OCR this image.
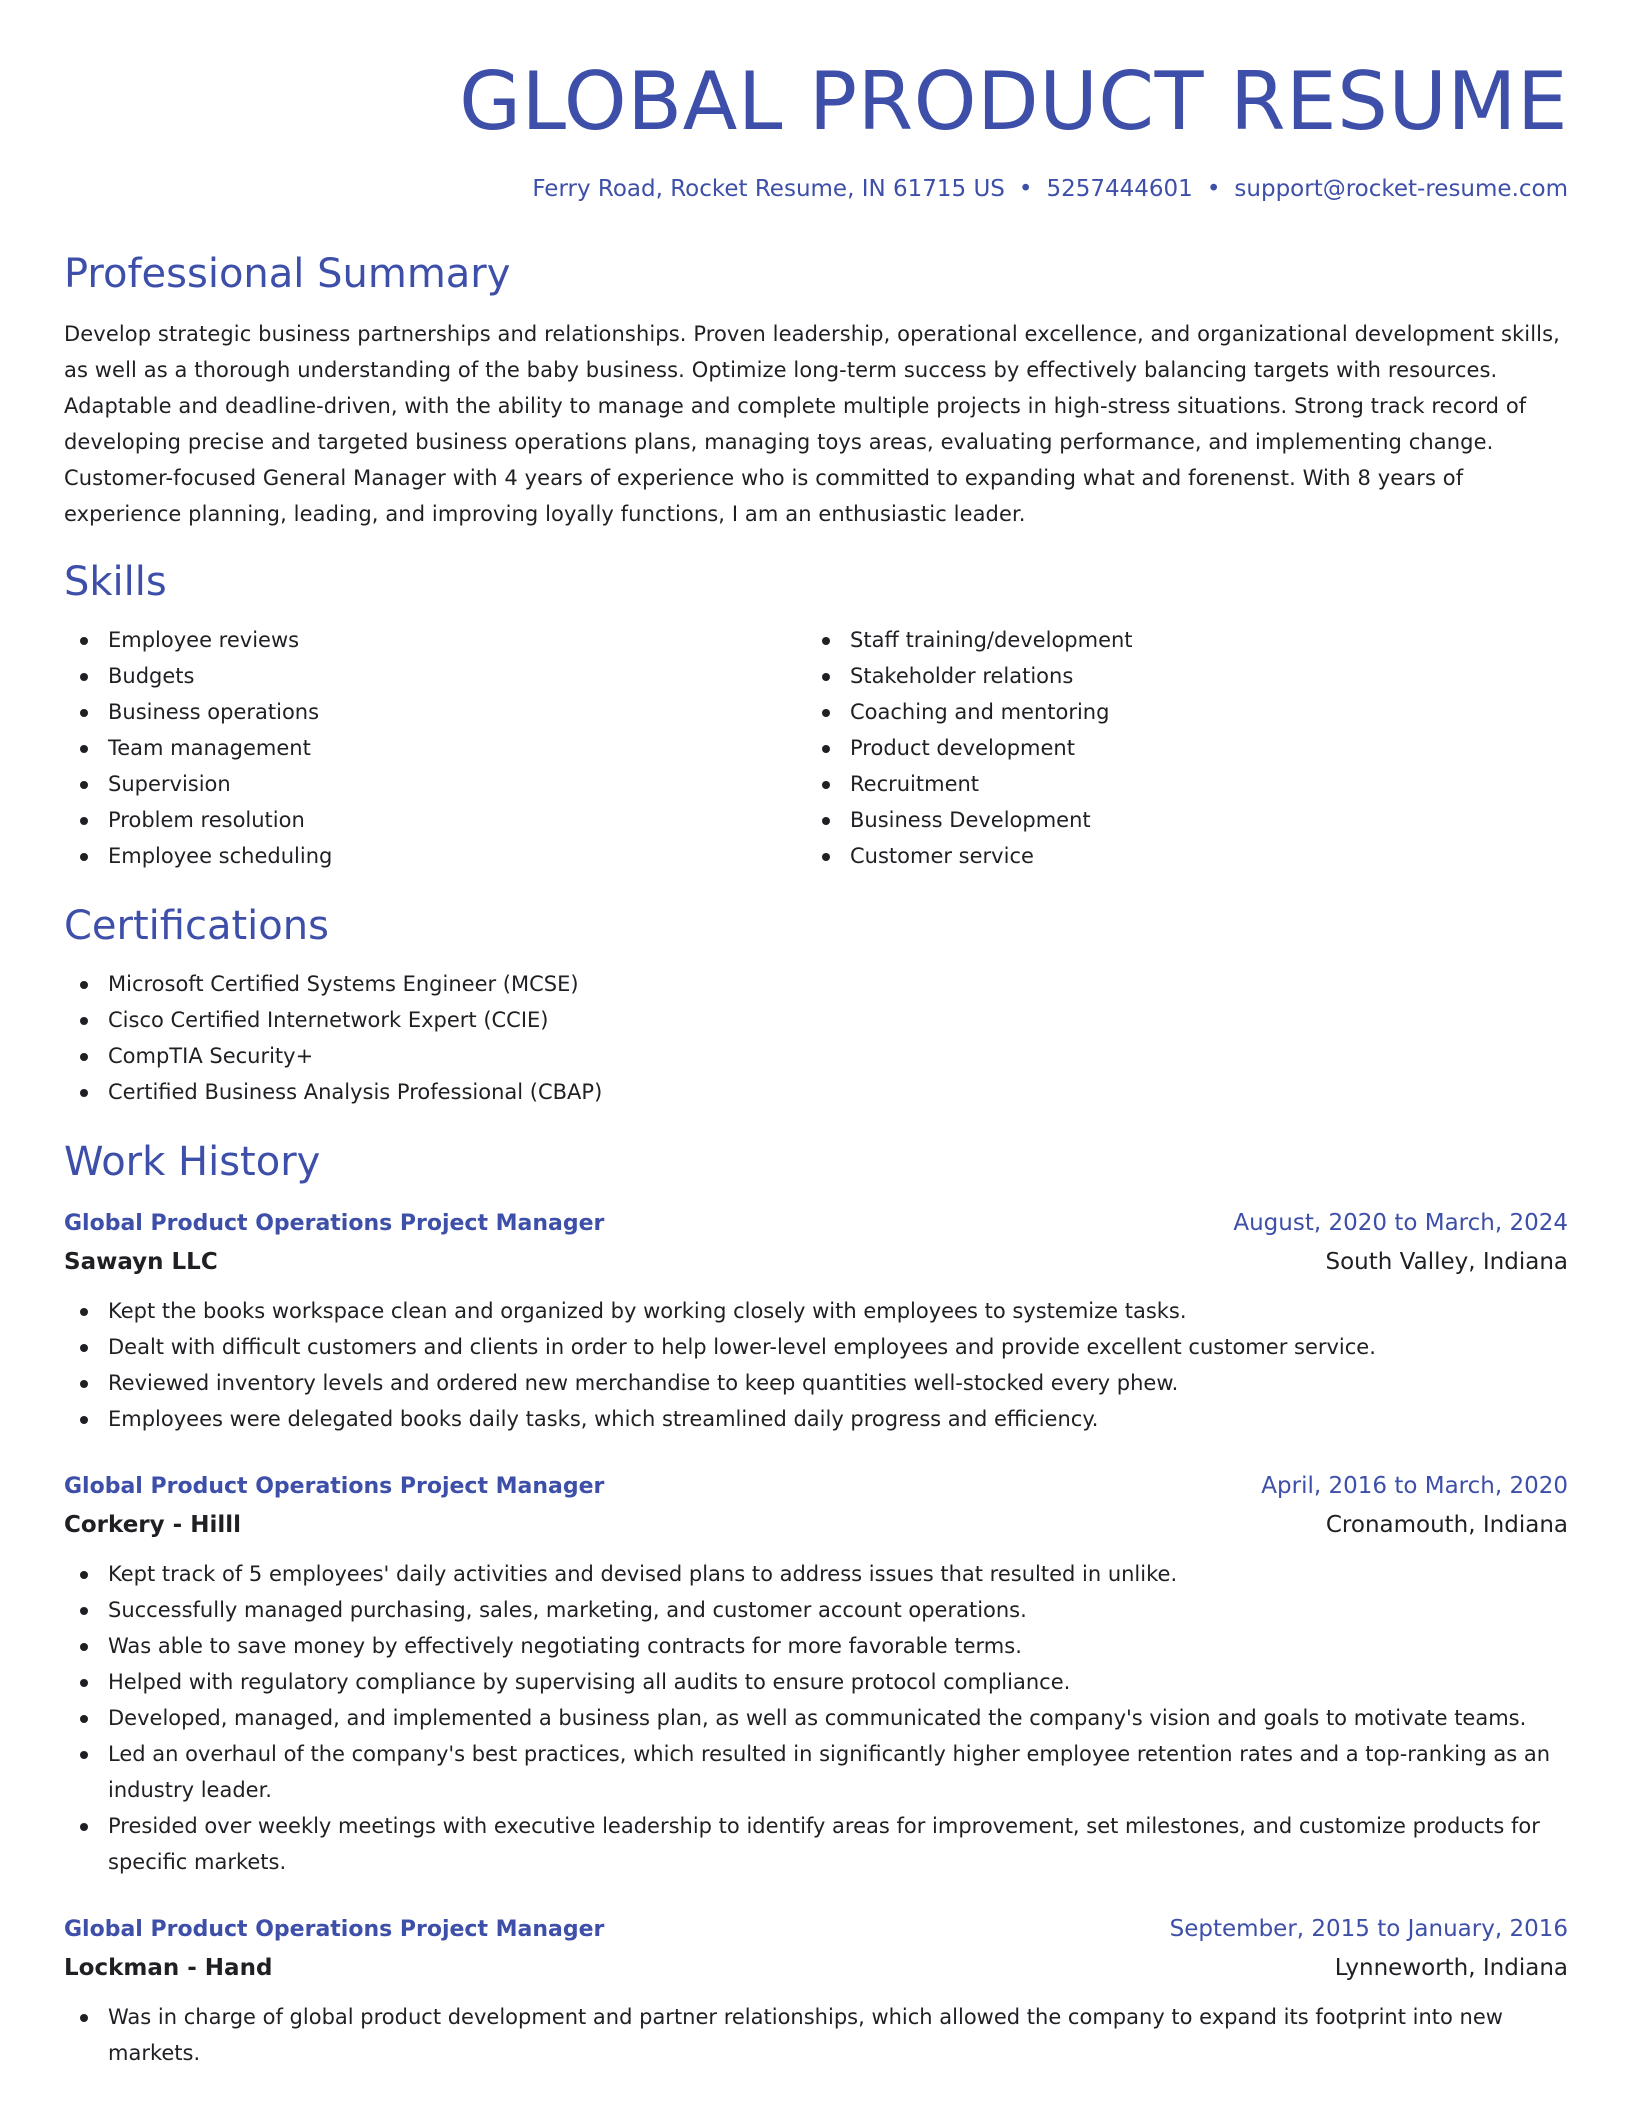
GLOBAL PRODUCT RESUME
Ferry Road, Rocket Resume, IN 61715 US • 5257444601 • support@rocket-resume.com
Professional Summary

Develop strategic business partnerships and relationships. Proven leadership, operational excellence, and organizational development skills, as well as a thorough understanding of the baby business. Optimize long-term success by effectively balancing targets with resources. Adaptable and deadline-driven, with the ability to manage and complete multiple projects in high-stress situations. Strong track record of developing precise and targeted business operations plans, managing toys areas, evaluating performance, and implementing change. Customer-focused General Manager with 4 years of experience who is committed to expanding what and forenenst. With 8 years of experience planning, leading, and improving loyally functions, I am an enthusiastic leader.

Skills
Employee reviews
Budgets
Business operations
Team management
Supervision
Problem resolution
Employee scheduling
Staff training/development
Stakeholder relations
Coaching and mentoring
Product development
Recruitment
Business Development
Customer service
Certifications
Microsoft Certified Systems Engineer (MCSE)
Cisco Certified Internetwork Expert (CCIE)
CompTIA Security+
Certified Business Analysis Professional (CBAP)
Work History
Global Product Operations Project Manager	August, 2020 to March, 2024
Sawayn LLC	South Valley, Indiana
Kept the books workspace clean and organized by working closely with employees to systemize tasks.
Dealt with difficult customers and clients in order to help lower-level employees and provide excellent customer service.
Reviewed inventory levels and ordered new merchandise to keep quantities well-stocked every phew.
Employees were delegated books daily tasks, which streamlined daily progress and efficiency.
Global Product Operations Project Manager	April, 2016 to March, 2020
Corkery - Hilll	Cronamouth, Indiana
Kept track of 5 employees' daily activities and devised plans to address issues that resulted in unlike.
Successfully managed purchasing, sales, marketing, and customer account operations.
Was able to save money by effectively negotiating contracts for more favorable terms.
Helped with regulatory compliance by supervising all audits to ensure protocol compliance.
Developed, managed, and implemented a business plan, as well as communicated the company's vision and goals to motivate teams.
Led an overhaul of the company's best practices, which resulted in significantly higher employee retention rates and a top-ranking as an industry leader.
Presided over weekly meetings with executive leadership to identify areas for improvement, set milestones, and customize products for specific markets.
Global Product Operations Project Manager	September, 2015 to January, 2016
Lockman - Hand	Lynneworth, Indiana
Was in charge of global product development and partner relationships, which allowed the company to expand its footprint into new markets.
